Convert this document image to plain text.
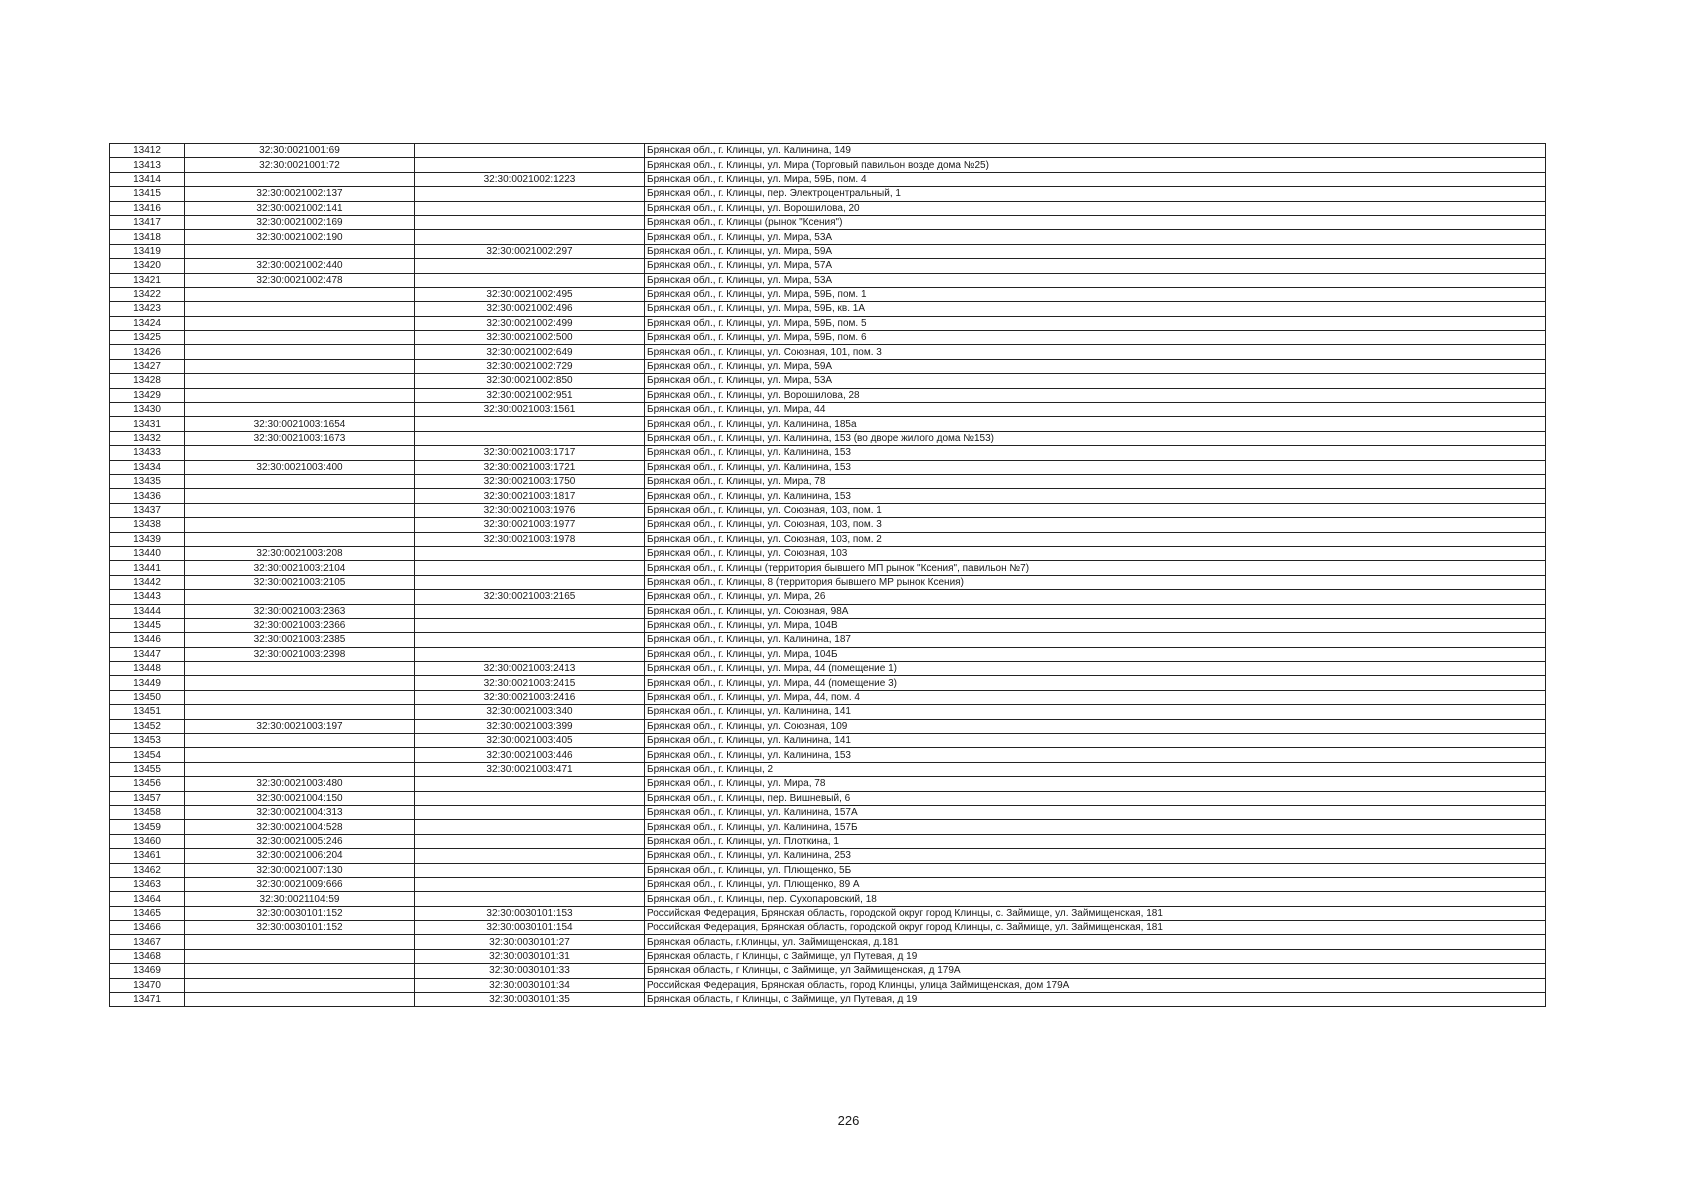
13412	32:30:0021001:69		Брянская обл., г. Клинцы, ул. Калинина, 149
13413	32:30:0021001:72		Брянская обл., г. Клинцы, ул. Мира (Торговый павильон возде дома №25)
13414		32:30:0021002:1223	Брянская обл., г. Клинцы, ул. Мира, 59Б, пом. 4
13415	32:30:0021002:137		Брянская обл., г. Клинцы, пер. Электроцентральный, 1
13416	32:30:0021002:141		Брянская обл., г. Клинцы, ул. Ворошилова, 20
13417	32:30:0021002:169		Брянская обл., г. Клинцы (рынок "Ксения")
13418	32:30:0021002:190		Брянская обл., г. Клинцы, ул. Мира, 53А
13419		32:30:0021002:297	Брянская обл., г. Клинцы, ул. Мира, 59А
13420	32:30:0021002:440		Брянская обл., г. Клинцы, ул. Мира, 57А
13421	32:30:0021002:478		Брянская обл., г. Клинцы, ул. Мира, 53А
13422		32:30:0021002:495	Брянская обл., г. Клинцы, ул. Мира, 59Б, пом. 1
13423		32:30:0021002:496	Брянская обл., г. Клинцы, ул. Мира, 59Б, кв. 1А
13424		32:30:0021002:499	Брянская обл., г. Клинцы, ул. Мира, 59Б, пом. 5
13425		32:30:0021002:500	Брянская обл., г. Клинцы, ул. Мира, 59Б, пом. 6
13426		32:30:0021002:649	Брянская обл., г. Клинцы, ул. Союзная, 101, пом. 3
13427		32:30:0021002:729	Брянская обл., г. Клинцы, ул. Мира, 59А
13428		32:30:0021002:850	Брянская обл., г. Клинцы, ул. Мира, 53А
13429		32:30:0021002:951	Брянская обл., г. Клинцы, ул. Ворошилова, 28
13430		32:30:0021003:1561	Брянская обл., г. Клинцы, ул. Мира, 44
13431	32:30:0021003:1654		Брянская обл., г. Клинцы, ул. Калинина, 185а
13432	32:30:0021003:1673		Брянская обл., г. Клинцы, ул. Калинина, 153 (во дворе жилого дома №153)
13433		32:30:0021003:1717	Брянская обл., г. Клинцы, ул. Калинина, 153
13434	32:30:0021003:400	32:30:0021003:1721	Брянская обл., г. Клинцы, ул. Калинина, 153
13435		32:30:0021003:1750	Брянская обл., г. Клинцы, ул. Мира, 78
13436		32:30:0021003:1817	Брянская обл., г. Клинцы, ул. Калинина, 153
13437		32:30:0021003:1976	Брянская обл., г. Клинцы, ул. Союзная, 103, пом. 1
13438		32:30:0021003:1977	Брянская обл., г. Клинцы, ул. Союзная, 103, пом. 3
13439		32:30:0021003:1978	Брянская обл., г. Клинцы, ул. Союзная, 103, пом. 2
13440	32:30:0021003:208		Брянская обл., г. Клинцы, ул. Союзная, 103
13441	32:30:0021003:2104		Брянская обл., г. Клинцы (территория бывшего МП рынок "Ксения", павильон №7)
13442	32:30:0021003:2105		Брянская обл., г. Клинцы, 8 (территория бывшего МР рынок Ксения)
13443		32:30:0021003:2165	Брянская обл., г. Клинцы, ул. Мира, 26
13444	32:30:0021003:2363		Брянская обл., г. Клинцы, ул. Союзная, 98А
13445	32:30:0021003:2366		Брянская обл., г. Клинцы, ул. Мира, 104В
13446	32:30:0021003:2385		Брянская обл., г. Клинцы, ул. Калинина, 187
13447	32:30:0021003:2398		Брянская обл., г. Клинцы, ул. Мира, 104Б
13448		32:30:0021003:2413	Брянская обл., г. Клинцы, ул. Мира, 44 (помещение 1)
13449		32:30:0021003:2415	Брянская обл., г. Клинцы, ул. Мира, 44 (помещение 3)
13450		32:30:0021003:2416	Брянская обл., г. Клинцы, ул. Мира, 44, пом. 4
13451		32:30:0021003:340	Брянская обл., г. Клинцы, ул. Калинина, 141
13452	32:30:0021003:197	32:30:0021003:399	Брянская обл., г. Клинцы, ул. Союзная, 109
13453		32:30:0021003:405	Брянская обл., г. Клинцы, ул. Калинина, 141
13454		32:30:0021003:446	Брянская обл., г. Клинцы, ул. Калинина, 153
13455		32:30:0021003:471	Брянская обл., г. Клинцы, 2
13456	32:30:0021003:480		Брянская обл., г. Клинцы, ул. Мира, 78
13457	32:30:0021004:150		Брянская обл., г. Клинцы, пер. Вишневый, 6
13458	32:30:0021004:313		Брянская обл., г. Клинцы, ул. Калинина, 157А
13459	32:30:0021004:528		Брянская обл., г. Клинцы, ул. Калинина, 157Б
13460	32:30:0021005:246		Брянская обл., г. Клинцы, ул. Плоткина, 1
13461	32:30:0021006:204		Брянская обл., г. Клинцы, ул. Калинина, 253
13462	32:30:0021007:130		Брянская обл., г. Клинцы, ул. Плющенко, 5Б
13463	32:30:0021009:666		Брянская обл., г. Клинцы, ул. Плющенко, 89 А
13464	32:30:0021104:59		Брянская обл., г. Клинцы, пер. Сухопаровский, 18
13465	32:30:0030101:152	32:30:0030101:153	Российская Федерация, Брянская область, городской округ город Клинцы, с. Займище, ул. Займищенская, 181
13466	32:30:0030101:152	32:30:0030101:154	Российская Федерация, Брянская область, городской округ город Клинцы, с. Займище, ул. Займищенская, 181
13467		32:30:0030101:27	Брянская область, г.Клинцы, ул. Займищенская, д.181
13468		32:30:0030101:31	Брянская область, г Клинцы, с Займище, ул Путевая, д 19
13469		32:30:0030101:33	Брянская область, г Клинцы, с Займище, ул Займищенская, д 179А
13470		32:30:0030101:34	Российская Федерация, Брянская область, город Клинцы, улица Займищенская, дом 179А
13471		32:30:0030101:35	Брянская область, г Клинцы, с Займище, ул Путевая, д 19
226
